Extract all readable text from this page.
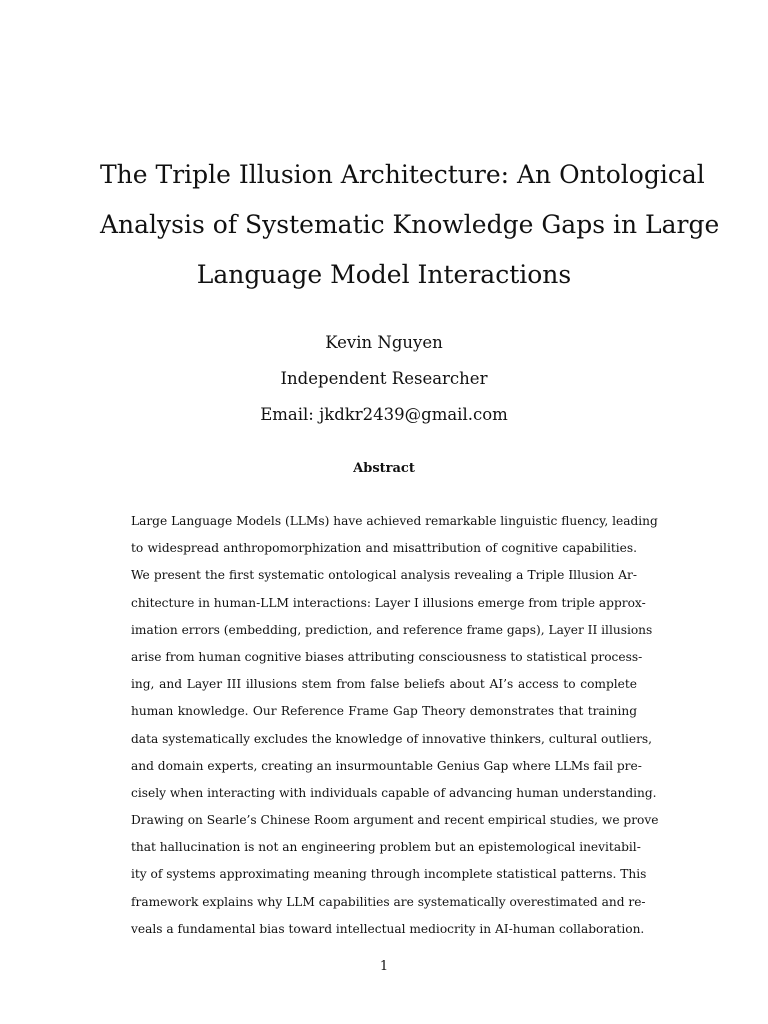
The Triple Illusion Architecture: An Ontological
Analysis of Systematic Knowledge Gaps in Large
Language Model Interactions
Kevin Nguyen
Independent Researcher
Email: jkdkr2439@gmail.com
Abstract
Large Language Models (LLMs) have achieved remarkable linguistic fluency, leading
to widespread anthropomorphization and misattribution of cognitive capabilities.
We present the first systematic ontological analysis revealing a Triple Illusion Ar-
chitecture in human-LLM interactions: Layer I illusions emerge from triple approx-
imation errors (embedding, prediction, and reference frame gaps), Layer II illusions
arise from human cognitive biases attributing consciousness to statistical process-
ing, and Layer III illusions stem from false beliefs about AI’s access to complete
human knowledge. Our Reference Frame Gap Theory demonstrates that training
data systematically excludes the knowledge of innovative thinkers, cultural outliers,
and domain experts, creating an insurmountable Genius Gap where LLMs fail pre-
cisely when interacting with individuals capable of advancing human understanding.
Drawing on Searle’s Chinese Room argument and recent empirical studies, we prove
that hallucination is not an engineering problem but an epistemological inevitabil-
ity of systems approximating meaning through incomplete statistical patterns. This
framework explains why LLM capabilities are systematically overestimated and re-
veals a fundamental bias toward intellectual mediocrity in AI-human collaboration.
1
